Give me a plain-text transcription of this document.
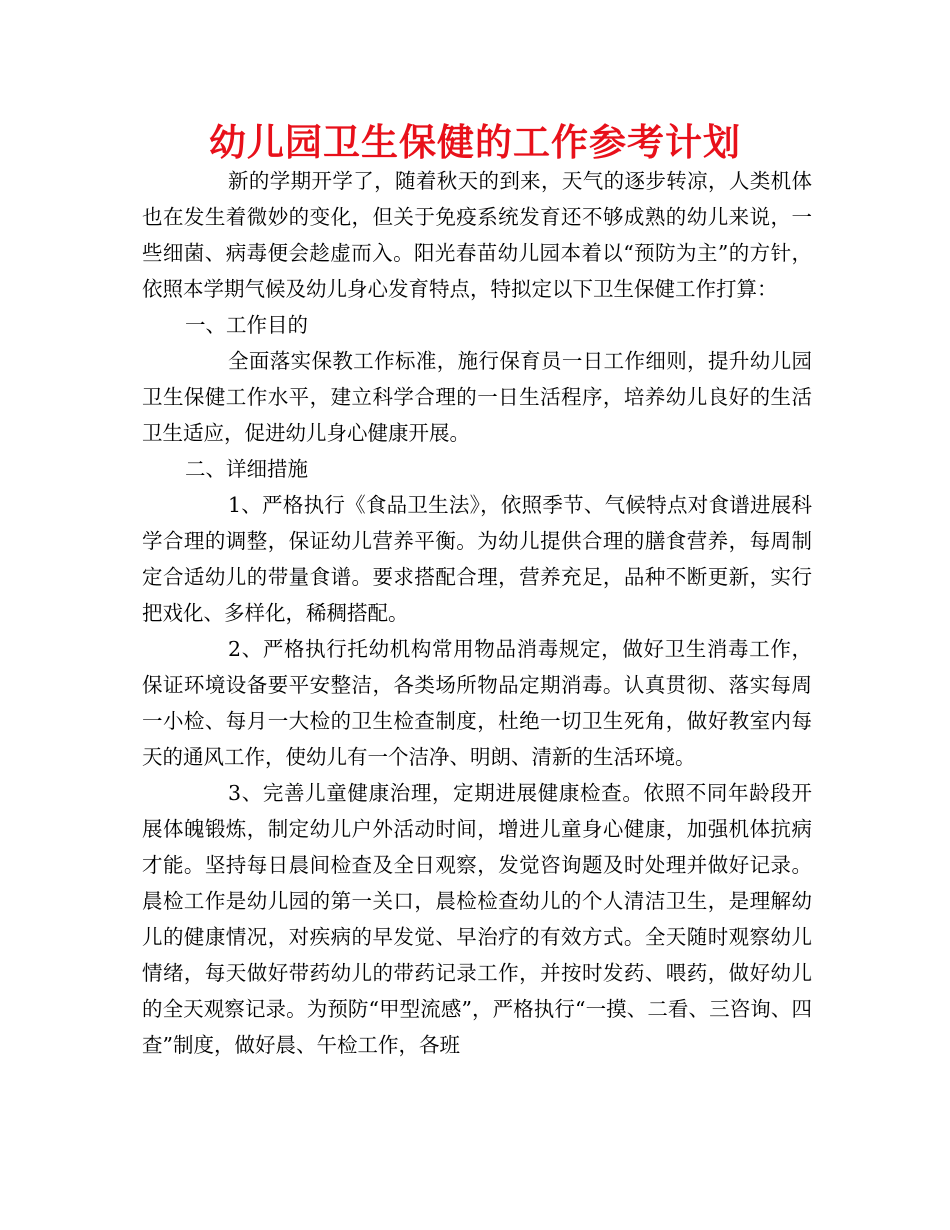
幼儿园卫生保健的工作参考计划

新的学期开学了，随着秋天的到来，天气的逐步转凉，人类机体也在发生着微妙的变化，但关于免疫系统发育还不够成熟的幼儿来说，一些细菌、病毒便会趁虚而入。阳光春苗幼儿园本着以“预防为主”的方针，依照本学期气候及幼儿身心发育特点，特拟定以下卫生保健工作打算：

一、工作目的

全面落实保教工作标准，施行保育员一日工作细则，提升幼儿园卫生保健工作水平，建立科学合理的一日生活程序，培养幼儿良好的生活卫生适应，促进幼儿身心健康开展。

二、详细措施

1、严格执行《食品卫生法》，依照季节、气候特点对食谱进展科学合理的调整，保证幼儿营养平衡。为幼儿提供合理的膳食营养，每周制定合适幼儿的带量食谱。要求搭配合理，营养充足，品种不断更新，实行把戏化、多样化，稀稠搭配。

2、严格执行托幼机构常用物品消毒规定，做好卫生消毒工作，保证环境设备要平安整洁，各类场所物品定期消毒。认真贯彻、落实每周一小检、每月一大检的卫生检查制度，杜绝一切卫生死角，做好教室内每天的通风工作，使幼儿有一个洁净、明朗、清新的生活环境。

3、完善儿童健康治理，定期进展健康检查。依照不同年龄段开展体魄锻炼，制定幼儿户外活动时间，增进儿童身心健康，加强机体抗病才能。坚持每日晨间检查及全日观察，发觉咨询题及时处理并做好记录。晨检工作是幼儿园的第一关口，晨检检查幼儿的个人清洁卫生，是理解幼儿的健康情况，对疾病的早发觉、早治疗的有效方式。全天随时观察幼儿情绪，每天做好带药幼儿的带药记录工作，并按时发药、喂药，做好幼儿的全天观察记录。为预防“甲型流感”，严格执行“一摸、二看、三咨询、四查”制度，做好晨、午检工作，各班
